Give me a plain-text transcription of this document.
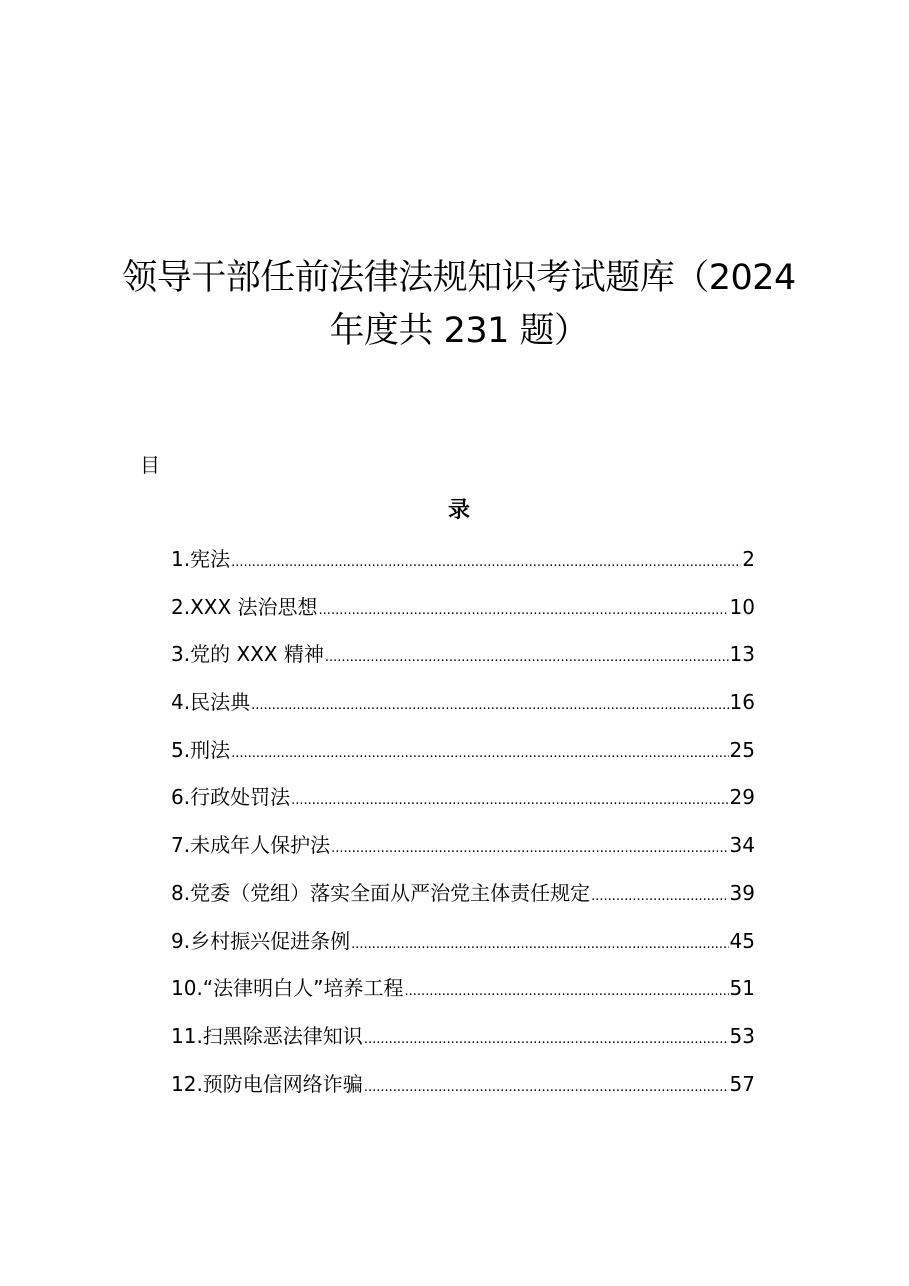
领导干部任前法律法规知识考试题库（2024
年度共 231 题）
目
录
1.宪法 .....	2
2.XXX 法治思想 .....	10
3.党的 XXX 精神 .....	13
4.民法典 .....	16
5.刑法 .....	25
6.行政处罚法 .....	29
7.未成年人保护法 .....	34
8.党委（党组）落实全面从严治党主体责任规定 .....	39
9.乡村振兴促进条例 .....	45
10.“法律明白人”培养工程 .....	51
11.扫黑除恶法律知识 .....	53
12.预防电信网络诈骗 .....	57
